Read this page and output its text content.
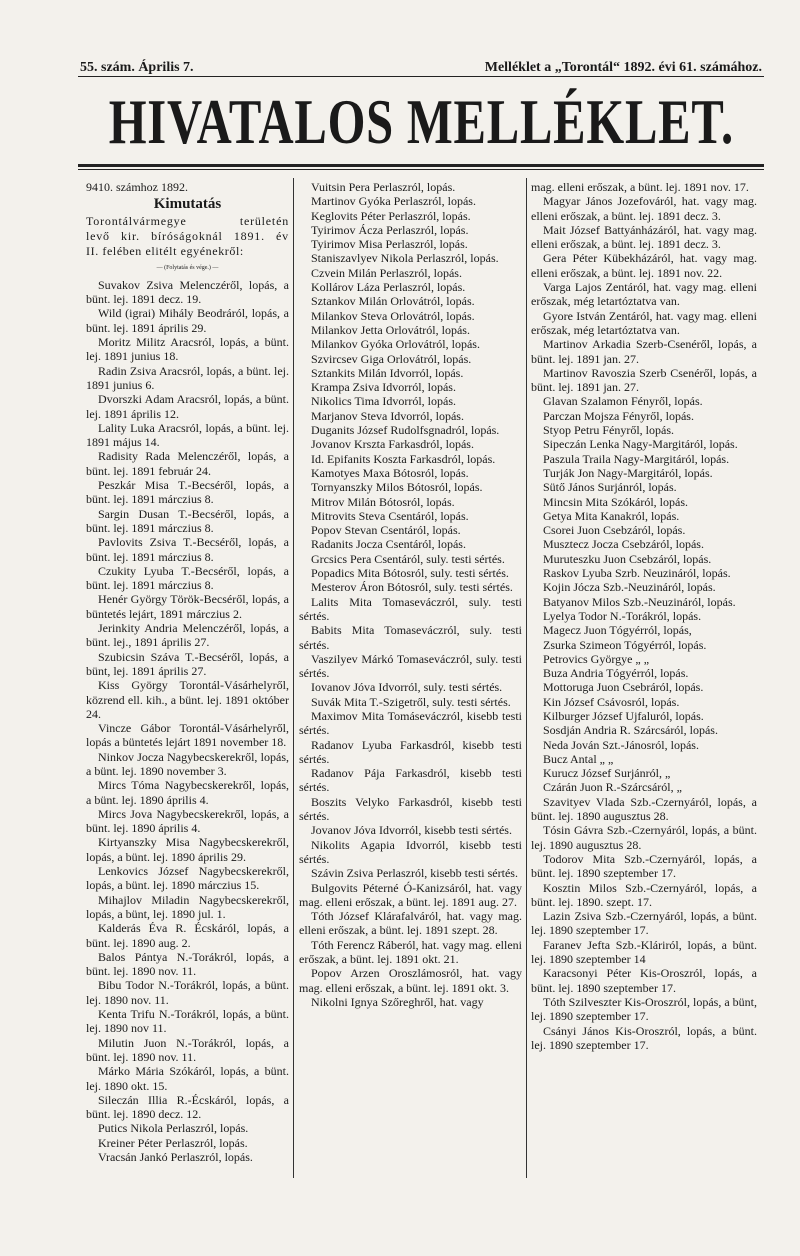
55. szám. Április 7.	Melléklet a „Torontál“ 1892. évi 61. számához.
HIVATALOS MELLÉKLET.
9410. számhoz 1892.
Kimutatás
Torontálvármegye területén
levő kir. bíróságoknál 1891. év
II. felében elitélt egyénekről:
— (Folytatás és vége.) —

Suvakov Zsiva Melenczéről, lopás, a bünt. lej. 1891 decz. 19.

Wild (igrai) Mihály Beodráról, lopás, a bünt. lej. 1891 április 29.

Moritz Militz Aracsról, lopás, a bünt. lej. 1891 junius 18.

Radin Zsiva Aracsról, lopás, a bünt. lej. 1891 junius 6.

Dvorszki Adam Aracsról, lopás, a bünt. lej. 1891 április 12.

Lality Luka Aracsról, lopás, a bünt. lej. 1891 május 14.

Radisity Rada Melenczéről, lopás, a bünt. lej. 1891 február 24.

Peszkár Misa T.-Becséről, lopás, a bünt. lej. 1891 márczius 8.

Sargin Dusan T.-Becséről, lopás, a bünt. lej. 1891 márczius 8.

Pavlovits Zsiva T.-Becséről, lopás, a bünt. lej. 1891 márczius 8.

Czukity Lyuba T.-Becséről, lopás, a bünt. lej. 1891 márczius 8.

Henér György Török-Becséről, lopás, a büntetés lejárt, 1891 márczius 2.

Jerinkity Andria Melenczéről, lopás, a bünt. lej., 1891 április 27.

Szubicsin Száva T.-Becséről, lopás, a bünt, lej. 1891 április 27.

Kiss György Torontál-Vásárhelyről, közrend ell. kih., a bünt. lej. 1891 október 24.

Vincze Gábor Torontál-Vásárhelyről, lopás a büntetés lejárt 1891 november 18.

Ninkov Jocza Nagybecskerekről, lopás, a bünt. lej. 1890 november 3.

Mircs Tóma Nagybecskerekről, lopás, a bünt. lej. 1890 április 4.

Mircs Jova Nagybecskerekről, lopás, a bünt. lej. 1890 április 4.

Kirtyanszky Misa Nagybecskerekről, lopás, a bünt. lej. 1890 április 29.

Lenkovics József Nagybecskerekről, lopás, a bünt. lej. 1890 márczius 15.

Mihajlov Miladin Nagybecskerekről, lopás, a bünt, lej. 1890 jul. 1.

Kalderás Éva R. Écskáról, lopás, a bünt. lej. 1890 aug. 2.

Balos Pántya N.-Torákról, lopás, a bünt. lej. 1890 nov. 11.

Bibu Todor N.-Torákról, lopás, a bünt. lej. 1890 nov. 11.

Kenta Trifu N.-Torákról, lopás, a bünt. lej. 1890 nov 11.

Milutin Juon N.-Torákról, lopás, a bünt. lej. 1890 nov. 11.

Márko Mária Szókáról, lopás, a bünt. lej. 1890 okt. 15.

Sileczán Illia R.-Écskáról, lopás, a bünt. lej. 1890 decz. 12.

Putics Nikola Perlaszról, lopás.

Kreiner Péter Perlaszról, lopás.

Vracsán Jankó Perlaszról, lopás.

Vuitsin Pera Perlaszról, lopás.

Martinov Gyóka Perlaszról, lopás.

Keglovits Péter Perlaszról, lopás.

Tyirimov Ácza Perlaszról, lopás.

Tyirimov Misa Perlaszról, lopás.

Staniszavlyev Nikola Perlaszról, lopás.

Czvein Milán Perlaszról, lopás.

Kollárov Láza Perlaszról, lopás.

Sztankov Milán Orlovátról, lopás.

Milankov Steva Orlovátról, lopás.

Milankov Jetta Orlovátról, lopás.

Milankov Gyóka Orlovátról, lopás.

Szvircsev Giga Orlovátról, lopás.

Sztankits Milán Idvorról, lopás.

Krampa Zsiva Idvorról, lopás.

Nikolics Tima Idvorról, lopás.

Marjanov Steva Idvorról, lopás.

Duganits József Rudolfsgnadról, lopás.

Jovanov Krszta Farkasdról, lopás.

Id. Epifanits Koszta Farkasdról, lopás.

Kamotyes Maxa Bótosról, lopás.

Tornyanszky Milos Bótosról, lopás.

Mitrov Milán Bótosról, lopás.

Mitrovits Steva Csentáról, lopás.

Popov Stevan Csentáról, lopás.

Radanits Jocza Csentáról, lopás.

Grcsics Pera Csentáról, suly. testi sértés.

Popadics Mita Bótosról, suly. testi sértés.

Mesterov Áron Bótosról, suly. testi sértés.

Lalits Mita Tomaseváczról, suly. testi sértés.

Babits Mita Tomaseváczról, suly. testi sértés.

Vaszilyev Márkó Tomaseváczról, suly. testi sértés.

Iovanov Jóva Idvorról, suly. testi sértés.

Suvák Mita T.-Szigetről, suly. testi sértés.

Maximov Mita Tomáseváczról, kisebb testi sértés.

Radanov Lyuba Farkasdról, kisebb testi sértés.

Radanov Pája Farkasdról, kisebb testi sértés.

Boszits Velyko Farkasdról, kisebb testi sértés.

Jovanov Jóva Idvorról, kisebb testi sértés.

Nikolits Agapia Idvorról, kisebb testi sértés.

Szávin Zsiva Perlaszról, kisebb testi sértés.

Bulgovits Péterné Ó-Kanizsáról, hat. vagy mag. elleni erőszak, a bünt. lej. 1891 aug. 27.

Tóth József Klárafalváról, hat. vagy mag. elleni erőszak, a bünt. lej. 1891 szept. 28.

Tóth Ferencz Ráberól, hat. vagy mag. elleni erőszak, a bünt. lej. 1891 okt. 21.

Popov Arzen Oroszlámosról, hat. vagy mag. elleni erőszak, a bünt. lej. 1891 okt. 3.

Nikolni Ignya Szőreghről, hat. vagy

mag. elleni erőszak, a bünt. lej. 1891 nov. 17.

Magyar János Jozefováról, hat. vagy mag. elleni erőszak, a bünt. lej. 1891 decz. 3.

Mait József Battyánházáról, hat. vagy mag. elleni erőszak, a bünt. lej. 1891 decz. 3.

Gera Péter Kübekházáról, hat. vagy mag. elleni erőszak, a bünt. lej. 1891 nov. 22.

Varga Lajos Zentáról, hat. vagy mag. elleni erőszak, még letartóztatva van.

Gyore István Zentáról, hat. vagy mag. elleni erőszak, még letartóztatva van.

Martinov Arkadia Szerb-Csenéről, lopás, a bünt. lej. 1891 jan. 27.

Martinov Ravoszia Szerb Csenéről, lopás, a bünt. lej. 1891 jan. 27.

Glavan Szalamon Fényről, lopás.

Parczan Mojsza Fényről, lopás.

Styop Petru Fényről, lopás.

Sipeczán Lenka Nagy-Margitáról, lopás.

Paszula Traila Nagy-Margitáról, lopás.

Turják Jon Nagy-Margitáról, lopás.

Sütő János Surjánról, lopás.

Mincsin Mita Szókáról, lopás.

Getya Mita Kanakról, lopás.

Csorei Juon Csebzáról, lopás.

Musztecz Jocza Csebzáról, lopás.

Muruteszku Juon Csebzáról, lopás.

Raskov Lyuba Szrb. Neuzináról, lopás.

Kojin Jócza Szb.-Neuzináról, lopás.

Batyanov Milos Szb.-Neuzináról, lopás.

Lyelya Todor N.-Torákról, lopás.

Magecz Juon Tógyérról, lopás,

Zsurka Szimeon Tógyérról, lopás.

Petrovics Györgye „ „

Buza Andria Tógyérról, lopás.

Mottoruga Juon Csebráról, lopás.

Kin József Csávosról, lopás.

Kilburger József Ujfaluról, lopás.

Sosdján Andria R. Szárcsáról, lopás.

Neda Jován Szt.-Jánosról, lopás.

Bucz Antal „ „

Kurucz József Surjánról, „

Czárán Juon R.-Szárcsáról, „

Szavityev Vlada Szb.-Czernyáról, lopás, a bünt. lej. 1890 augusztus 28.

Tósin Gávra Szb.-Czernyáról, lopás, a bünt. lej. 1890 augusztus 28.

Todorov Mita Szb.-Czernyáról, lopás, a bünt. lej. 1890 szeptember 17.

Kosztin Milos Szb.-Czernyáról, lopás, a bünt. lej. 1890. szept. 17.

Lazin Zsiva Szb.-Czernyáról, lopás, a bünt. lej. 1890 szeptember 17.

Faranev Jefta Szb.-Kláriról, lopás, a bünt. lej. 1890 szeptember 14

Karacsonyi Péter Kis-Oroszról, lopás, a bünt. lej. 1890 szeptember 17.

Tóth Szilveszter Kis-Oroszról, lopás, a bünt, lej. 1890 szeptember 17.

Csányi János Kis-Oroszról, lopás, a bünt. lej. 1890 szeptember 17.
